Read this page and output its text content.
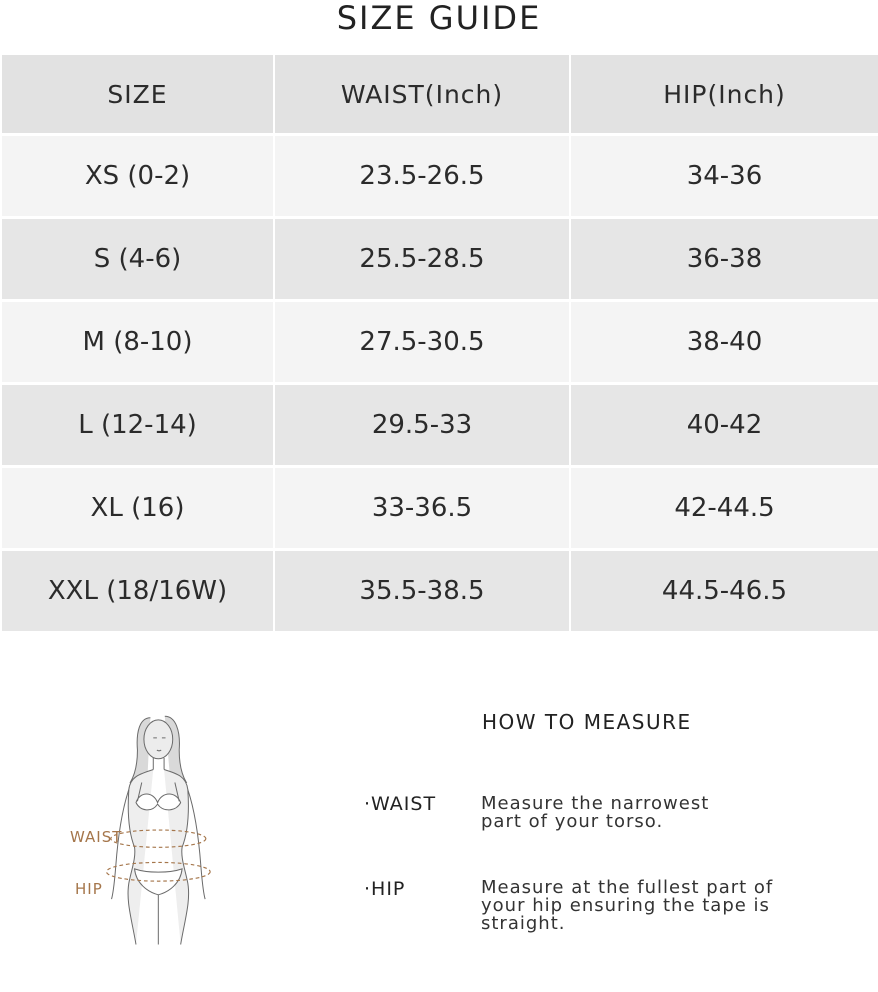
SIZE GUIDE
SIZE	WAIST(Inch)	HIP(Inch)
XS (0-2)	23.5-26.5	34-36
S (4-6)	25.5-28.5	36-38
M (8-10)	27.5-30.5	38-40
L (12-14)	29.5-33	40-42
XL (16)	33-36.5	42-44.5
XXL (18/16W)	35.5-38.5	44.5-46.5
WAIST
HIP
HOW TO MEASURE
·WAIST Measure the narrowest
part of your torso.
·HIP	Measure at the fullest part of
your hip ensuring the tape is
straight.
